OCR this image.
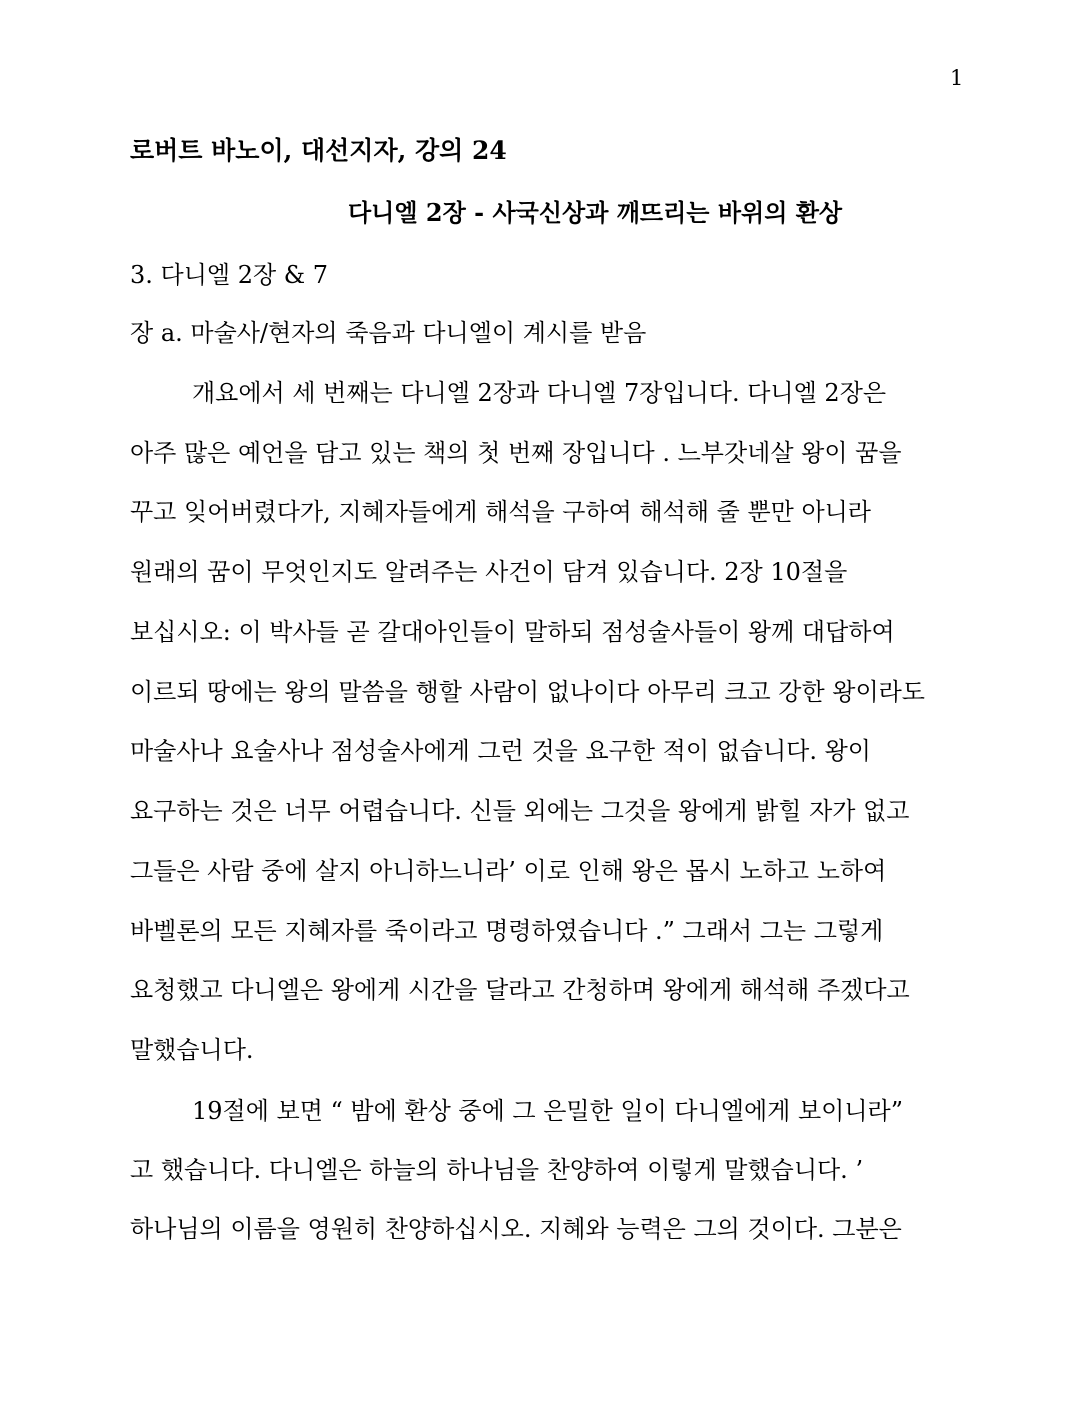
1
로버트 바노이, 대선지자, 강의 24
다니엘 2장 - 사국신상과 깨뜨리는 바위의 환상
3. 다니엘 2장 & 7
장 a. 마술사/현자의 죽음과 다니엘이 계시를 받음
개요에서 세 번째는 다니엘 2장과 다니엘 7장입니다. 다니엘 2장은
아주 많은 예언을 담고 있는 책의 첫 번째 장입니다 . 느부갓네살 왕이 꿈을
꾸고 잊어버렸다가, 지혜자들에게 해석을 구하여 해석해 줄 뿐만 아니라
원래의 꿈이 무엇인지도 알려주는 사건이 담겨 있습니다. 2장 10절을
보십시오: 이 박사들 곧 갈대아인들이 말하되 점성술사들이 왕께 대답하여
이르되 땅에는 왕의 말씀을 행할 사람이 없나이다 아무리 크고 강한 왕이라도
마술사나 요술사나 점성술사에게 그런 것을 요구한 적이 없습니다. 왕이
요구하는 것은 너무 어렵습니다. 신들 외에는 그것을 왕에게 밝힐 자가 없고
그들은 사람 중에 살지 아니하느니라’ 이로 인해 왕은 몹시 노하고 노하여
바벨론의 모든 지혜자를 죽이라고 명령하였습니다 .” 그래서 그는 그렇게
요청했고 다니엘은 왕에게 시간을 달라고 간청하며 왕에게 해석해 주겠다고
말했습니다.
19절에 보면 “ 밤에 환상 중에 그 은밀한 일이 다니엘에게 보이니라”
고 했습니다. 다니엘은 하늘의 하나님을 찬양하여 이렇게 말했습니다. ’
하나님의 이름을 영원히 찬양하십시오. 지혜와 능력은 그의 것이다. 그분은
